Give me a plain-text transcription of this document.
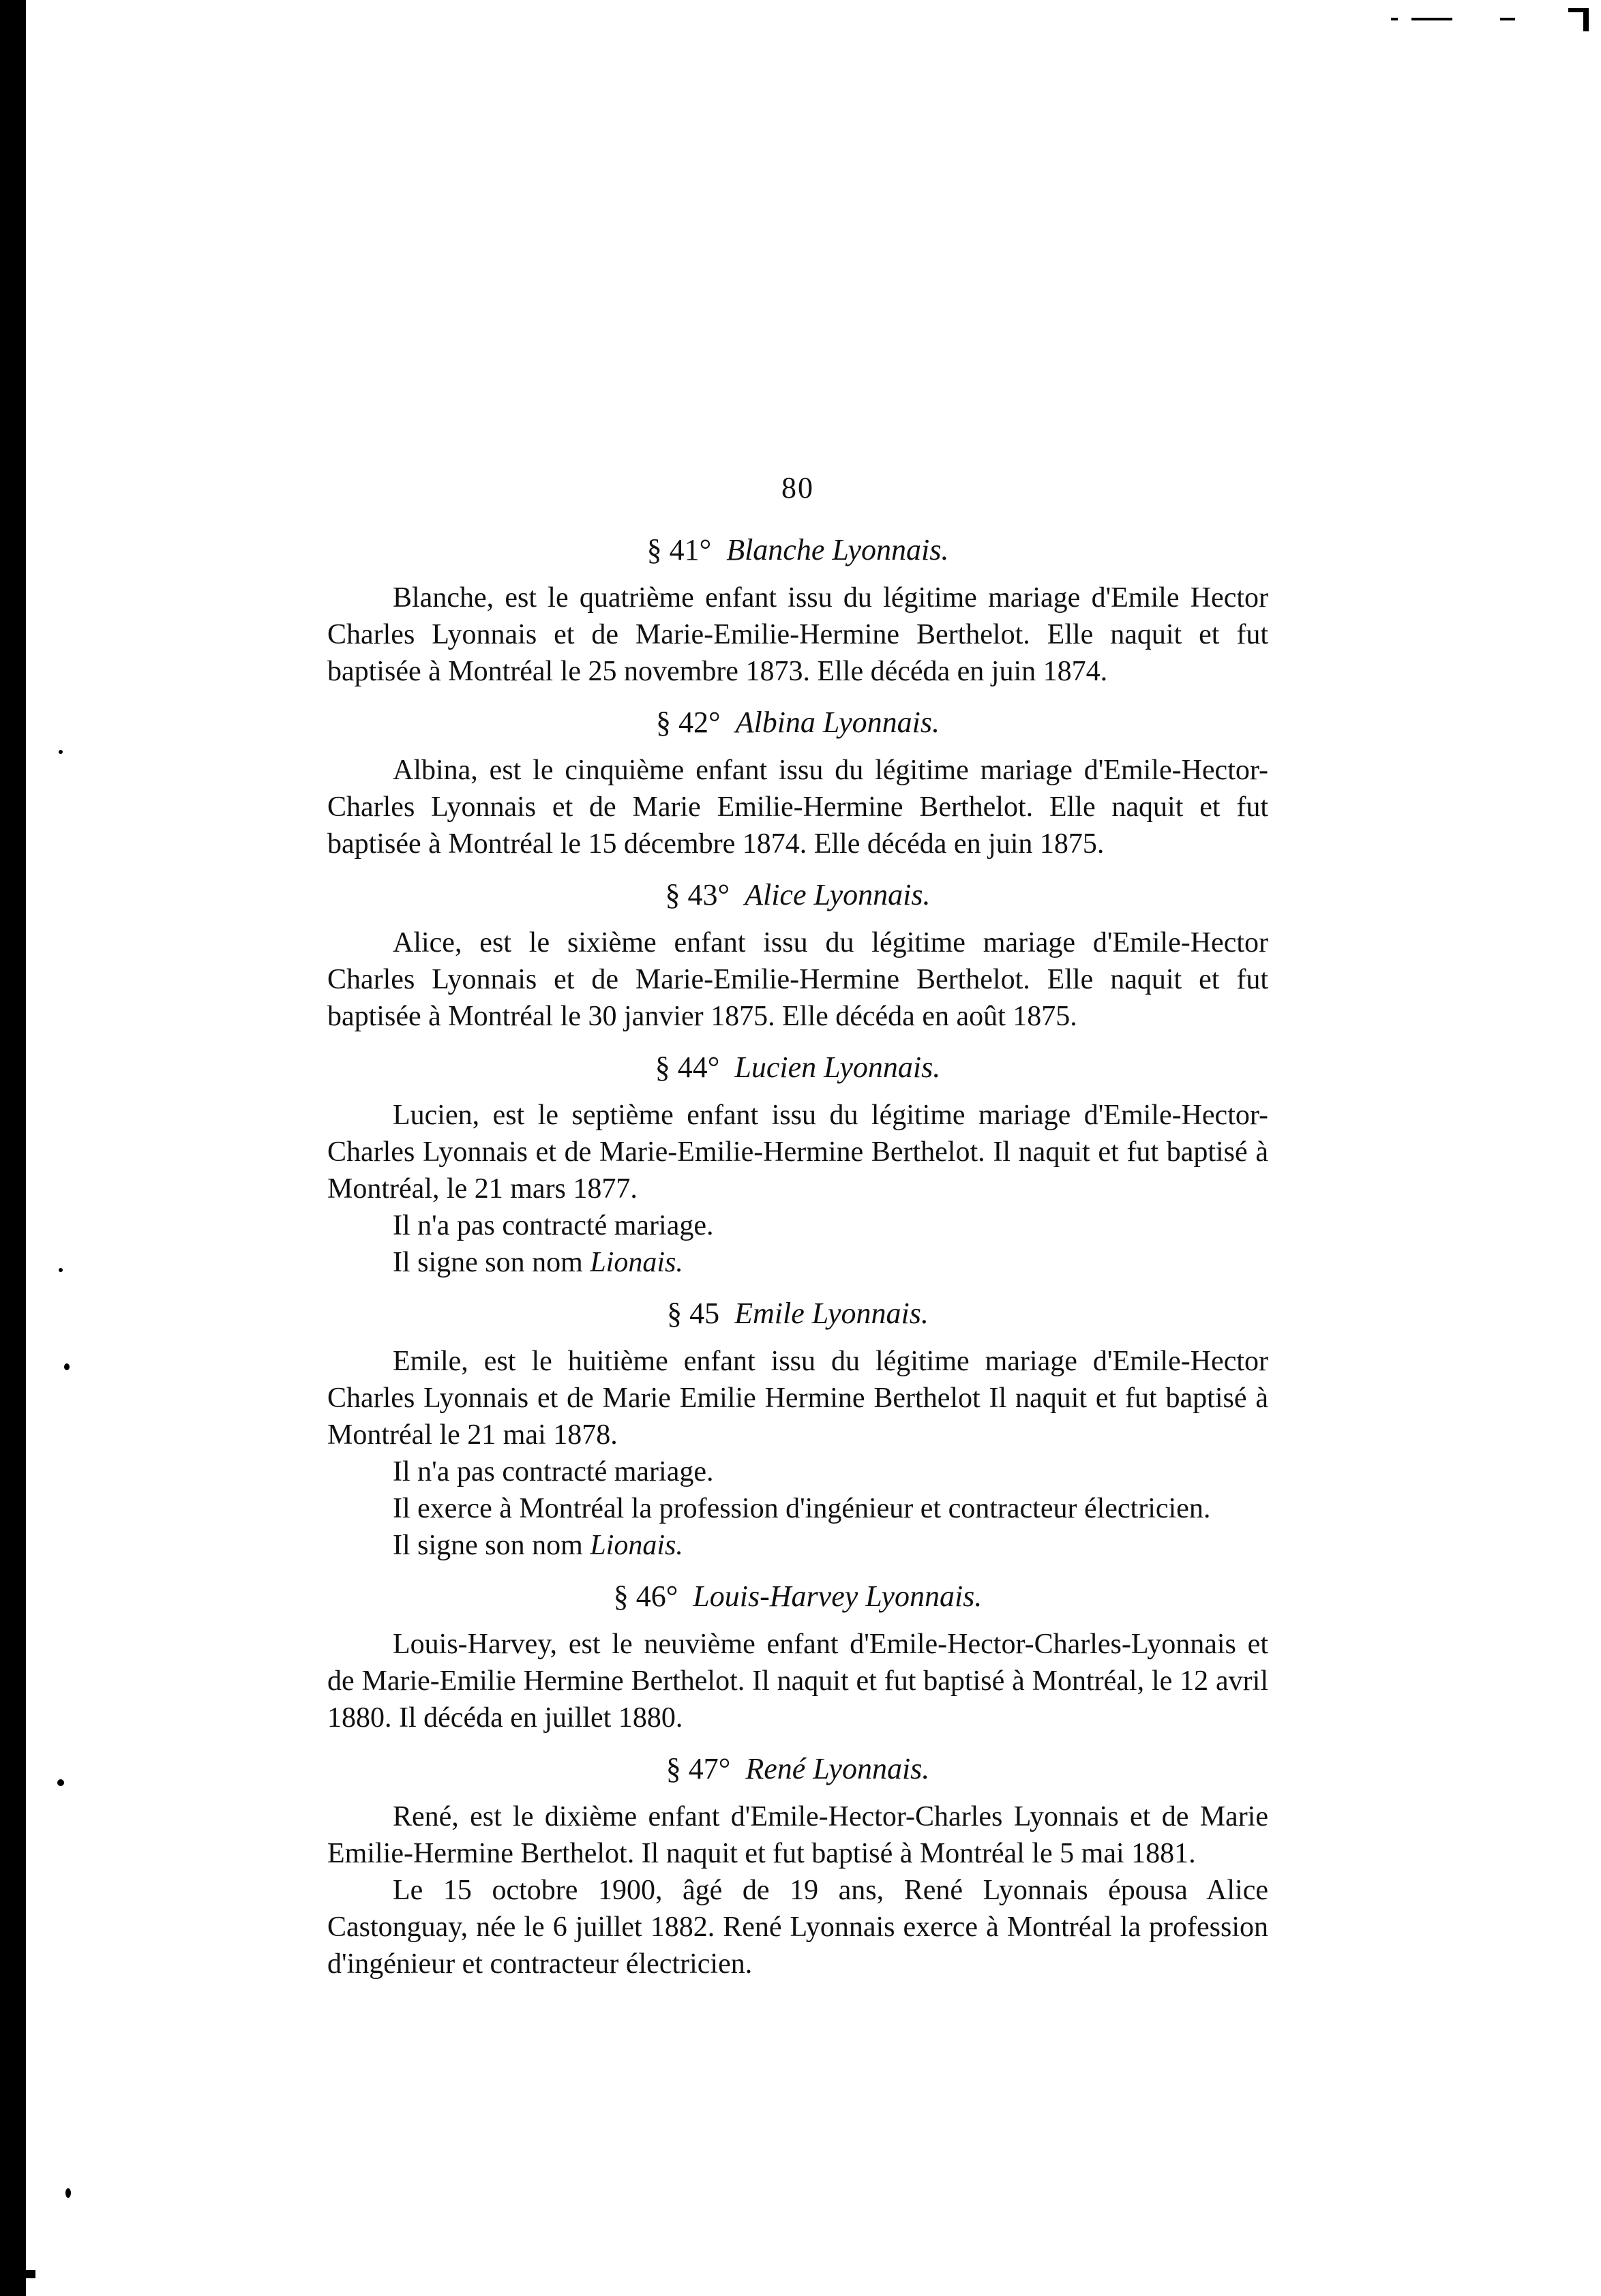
80
§ 41° Blanche Lyonnais.

Blanche, est le quatrième enfant issu du légitime mariage d'Emile Hector Charles Lyonnais et de Marie-Emilie-Hermine Berthelot. Elle naquit et fut baptisée à Montréal le 25 novembre 1873. Elle décéda en juin 1874.

§ 42° Albina Lyonnais.

Albina, est le cinquième enfant issu du légitime mariage d'Emile-Hector-Charles Lyonnais et de Marie Emilie-Hermine Berthelot. Elle naquit et fut baptisée à Montréal le 15 décembre 1874. Elle décéda en juin 1875.

§ 43° Alice Lyonnais.

Alice, est le sixième enfant issu du légitime mariage d'Emile-Hector Charles Lyonnais et de Marie-Emilie-Hermine Berthelot. Elle naquit et fut baptisée à Montréal le 30 janvier 1875. Elle décéda en août 1875.

§ 44° Lucien Lyonnais.

Lucien, est le septième enfant issu du légitime mariage d'Emile-Hector-Charles Lyonnais et de Marie-Emilie-Hermine Berthelot. Il naquit et fut baptisé à Montréal, le 21 mars 1877.

Il n'a pas contracté mariage.

Il signe son nom Lionais.

§ 45 Emile Lyonnais.

Emile, est le huitième enfant issu du légitime mariage d'Emile-Hector Charles Lyonnais et de Marie Emilie Hermine Berthelot Il naquit et fut baptisé à Montréal le 21 mai 1878.

Il n'a pas contracté mariage.

Il exerce à Montréal la profession d'ingénieur et contracteur électricien.

Il signe son nom Lionais.

§ 46° Louis-Harvey Lyonnais.

Louis-Harvey, est le neuvième enfant d'Emile-Hector-Charles-Lyonnais et de Marie-Emilie Hermine Berthelot. Il naquit et fut baptisé à Montréal, le 12 avril 1880. Il décéda en juillet 1880.

§ 47° René Lyonnais.

René, est le dixième enfant d'Emile-Hector-Charles Lyonnais et de Marie Emilie-Hermine Berthelot. Il naquit et fut baptisé à Montréal le 5 mai 1881.

Le 15 octobre 1900, âgé de 19 ans, René Lyonnais épousa Alice Castonguay, née le 6 juillet 1882. René Lyonnais exerce à Montréal la profession d'ingénieur et contracteur électricien.
